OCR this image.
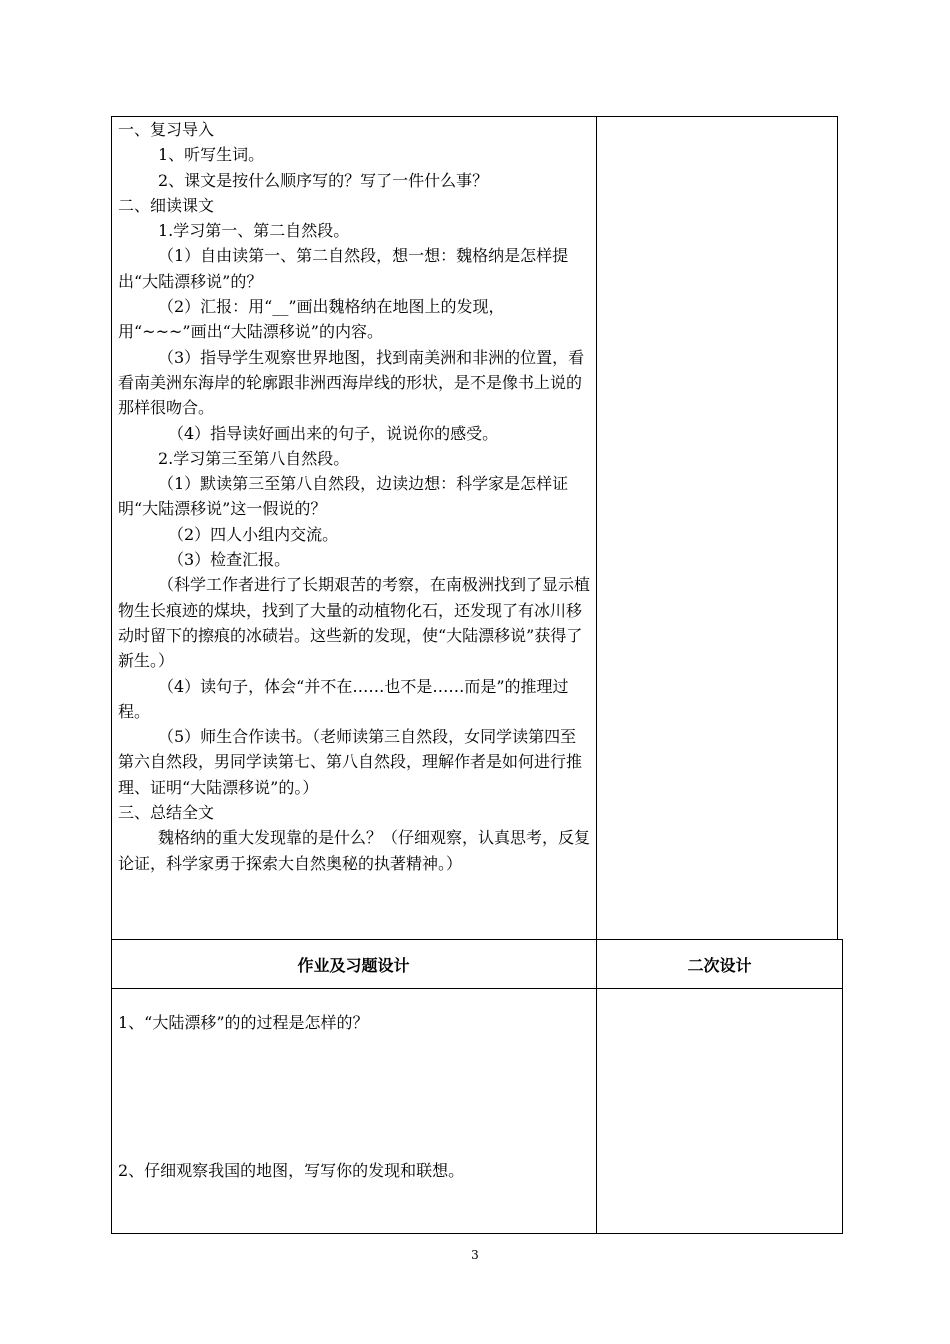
一、复习导入

1、听写生词。

2、课文是按什么顺序写的？写了一件什么事？

二、细读课文

1.学习第一、第二自然段。

（1）自由读第一、第二自然段，想一想：魏格纳是怎样提出“大陆漂移说”的？

（2）汇报：用“__”画出魏格纳在地图上的发现，用“~~~”画出“大陆漂移说”的内容。

（3）指导学生观察世界地图，找到南美洲和非洲的位置，看看南美洲东海岸的轮廓跟非洲西海岸线的形状，是不是像书上说的那样很吻合。

（4）指导读好画出来的句子，说说你的感受。

2.学习第三至第八自然段。

（1）默读第三至第八自然段，边读边想：科学家是怎样证明“大陆漂移说”这一假说的？

（2）四人小组内交流。

（3）检查汇报。

（科学工作者进行了长期艰苦的考察，在南极洲找到了显示植物生长痕迹的煤块，找到了大量的动植物化石，还发现了有冰川移动时留下的擦痕的冰碛岩。这些新的发现，使“大陆漂移说”获得了新生。）

（4）读句子，体会“并不在……也不是……而是”的推理过程。

（5）师生合作读书。（老师读第三自然段，女同学读第四至第六自然段，男同学读第七、第八自然段，理解作者是如何进行推理、证明“大陆漂移说”的。）

三、总结全文

魏格纳的重大发现靠的是什么？（仔细观察，认真思考，反复论证，科学家勇于探索大自然奥秘的执著精神。）

作业及习题设计	二次设计
1、“大陆漂移”的的过程是怎样的？
2、仔细观察我国的地图，写写你的发现和联想。
3
